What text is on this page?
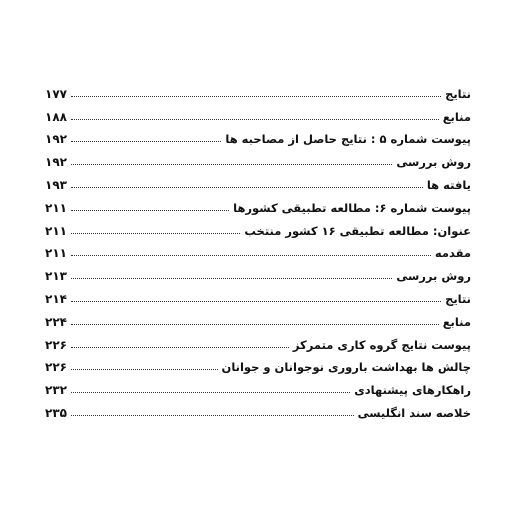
نتایج
۱۷۷
منابع
۱۸۸
پیوست شماره ۵ : نتایج حاصل از مصاحبه ها
۱۹۲
روش بررسی
۱۹۲
یافته ها
۱۹۳
پیوست شماره ۶: مطالعه تطبیقی کشورها
۲۱۱
عنوان: مطالعه تطبیقی ۱۶ کشور منتخب
۲۱۱
مقدمه
۲۱۱
روش بررسی
۲۱۳
نتایج
۲۱۴
منابع
۲۲۴
پیوست نتایج گروه کاری متمرکز
۲۲۶
چالش ها بهداشت باروری نوجوانان و جوانان
۲۲۶
راهکارهای پیشنهادی
۲۳۲
خلاصه سند انگلیسی
۲۳۵
